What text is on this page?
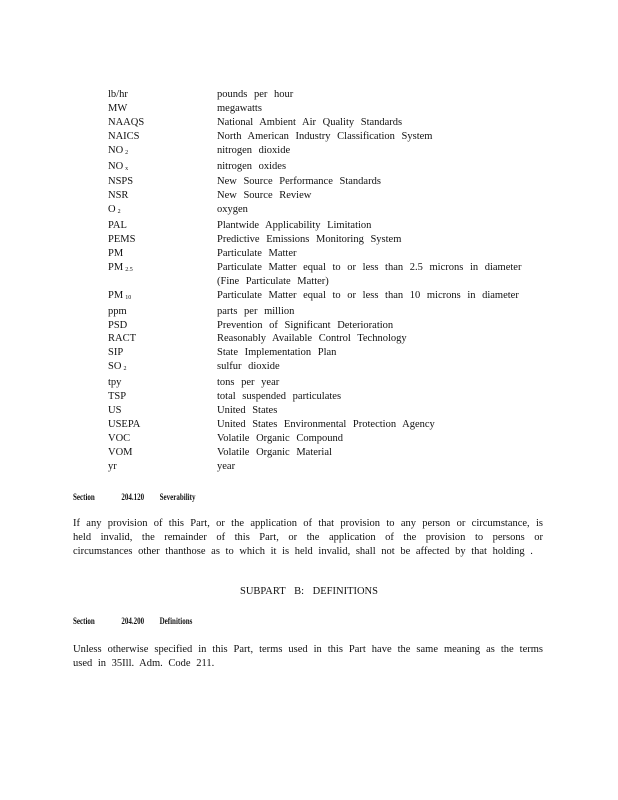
lb/hr	pounds per hour
MW	megawatts
NAAQS	National Ambient Air Quality Standards
NAICS	North American Industry Classification System
NO $_2$	nitrogen dioxide
NO $_x$	nitrogen oxides
NSPS	New Source Performance Standards
NSR	New Source Review
O $_2$	oxygen
PAL	Plantwide Applicability Limitation
PEMS	Predictive Emissions Monitoring System
PM	Particulate Matter
PM $_{2.5}$	Particulate Matter equal to or less than 2.5 microns in diameter
(Fine Particulate Matter)
PM $_{10}$	Particulate Matter equal to or less than 10 microns in diameter
ppm	parts per million
PSD	Prevention of Significant Deterioration
RACT	Reasonably Available Control Technology
SIP	State Implementation Plan
SO $_2$	sulfur dioxide
tpy	tons per year
TSP	total suspended particulates
US	United States
USEPA	United States Environmental Protection Agency
VOC	Volatile Organic Compound
VOM	Volatile Organic Material
yr	year
Section	204.120 Severability
If any provision of this Part, or the application of that provision to any person or circumstance, is held invalid, the remainder of this Part, or the application of the provision to persons or circumstances other thanthose as to which it is held invalid, shall not be affected by that holding .
SUBPART B: DEFINITIONS
Section	204.200 Definitions
Unless otherwise specified in this Part, terms used in this Part have the same meaning as the terms used in 35Ill. Adm. Code 211.
